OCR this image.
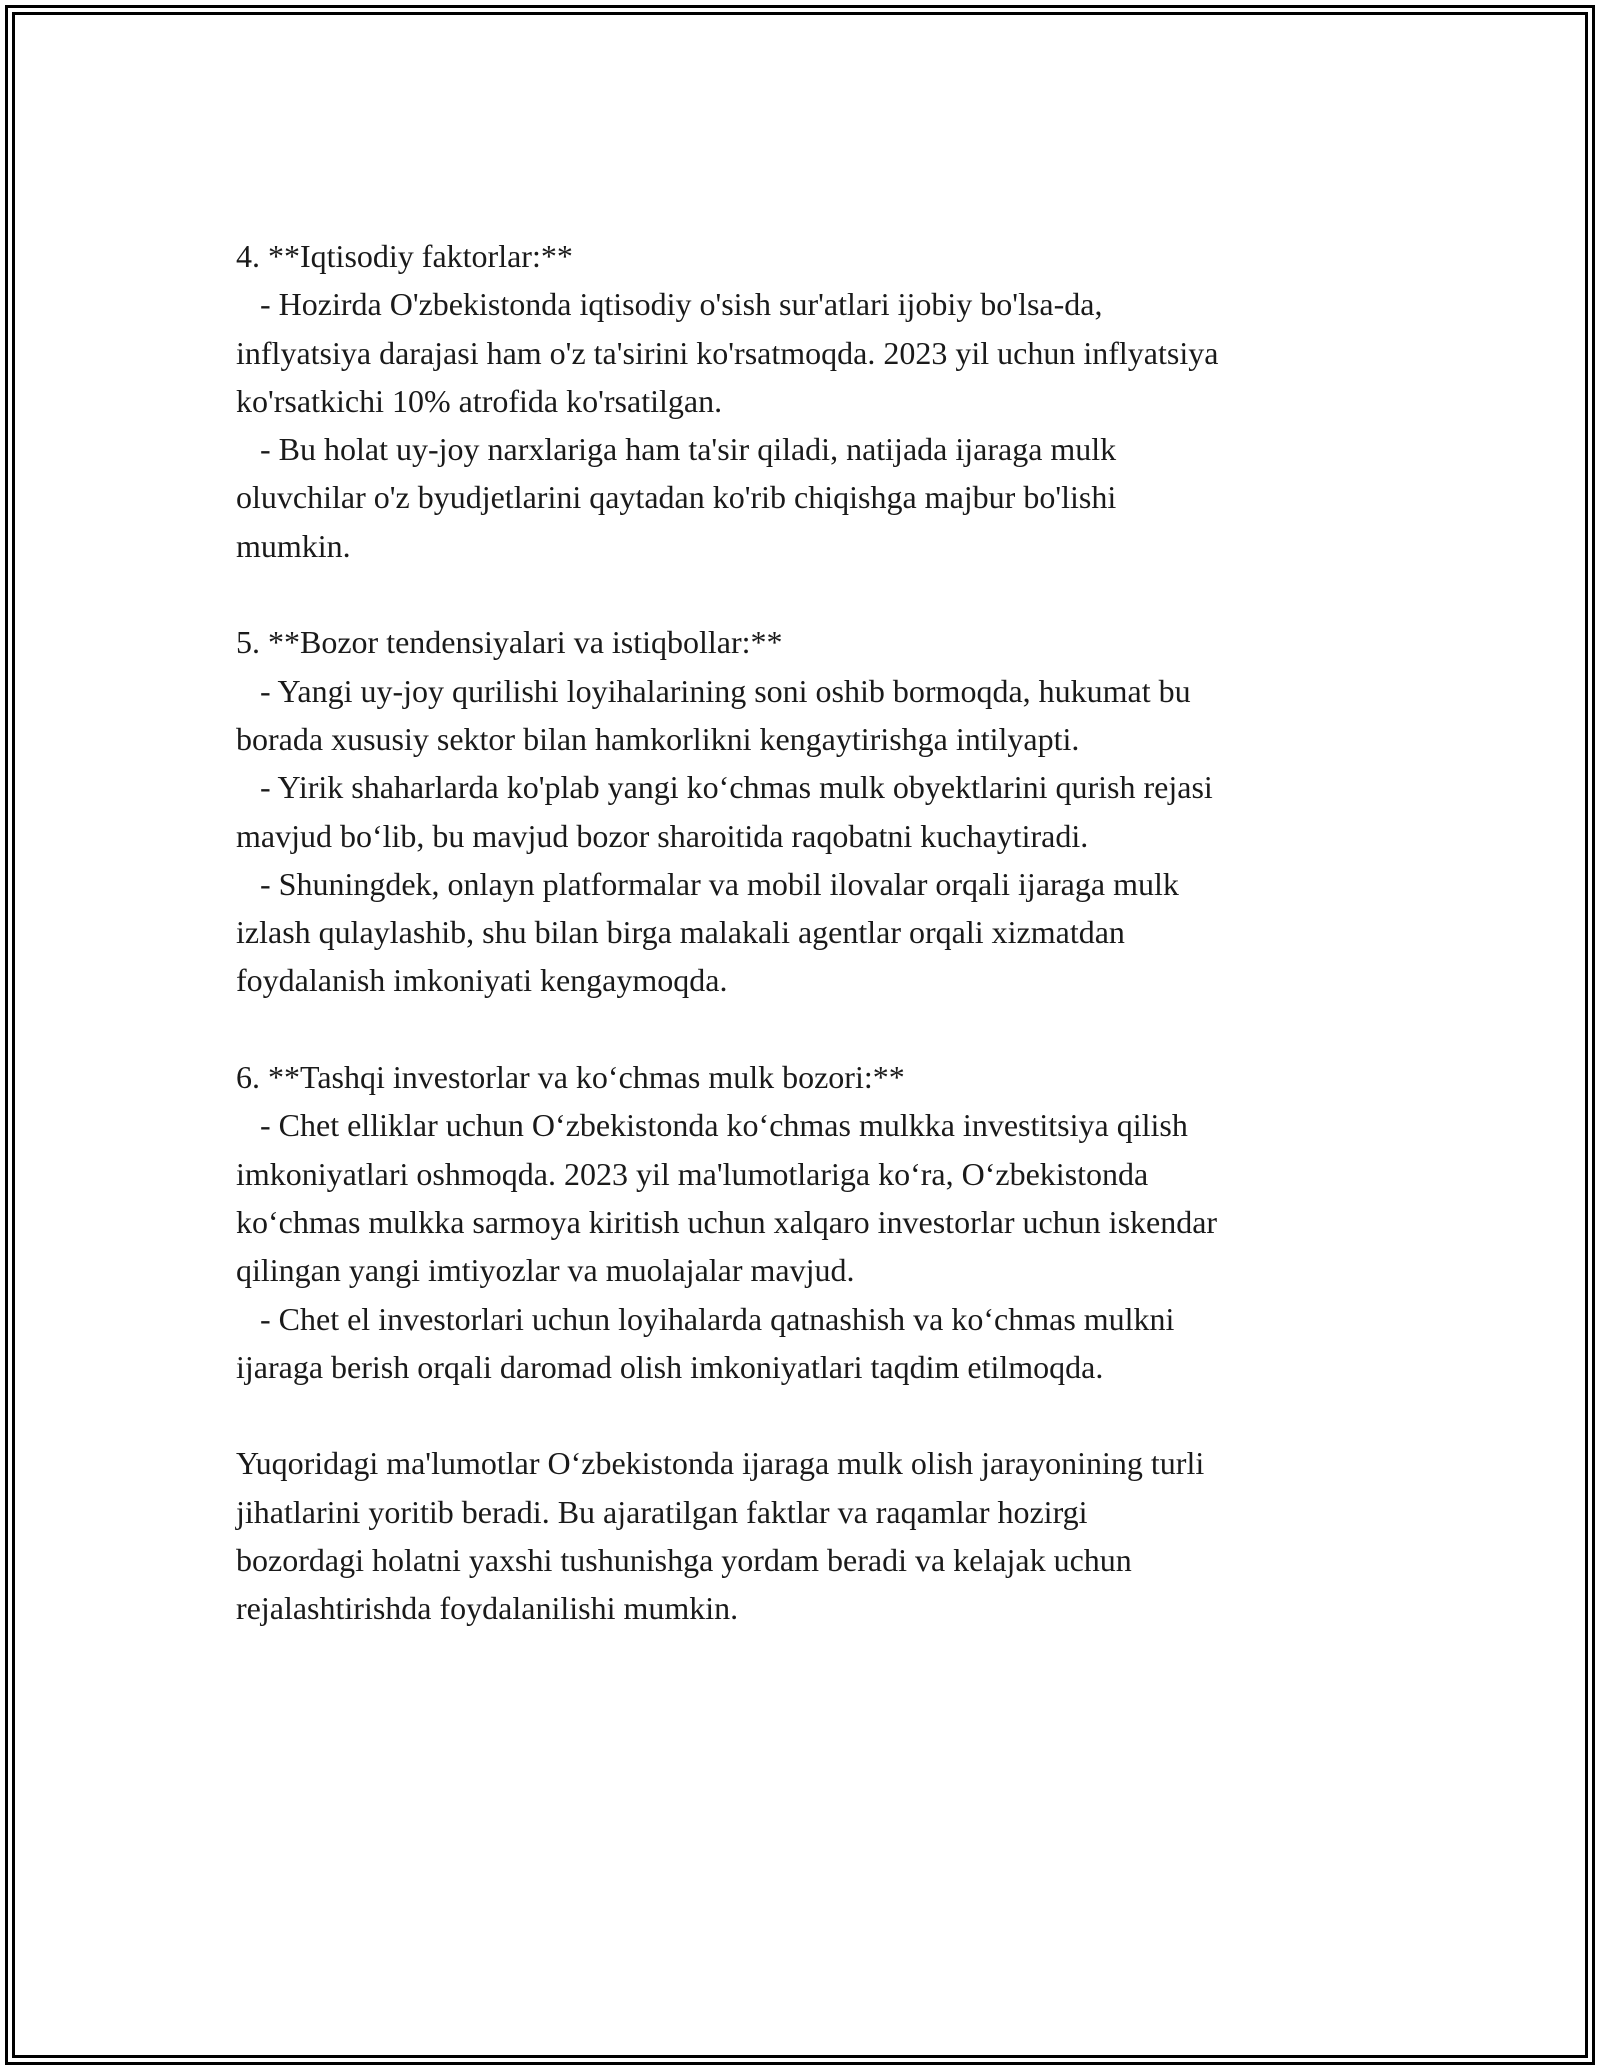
4. **Iqtisodiy faktorlar:**
- Hozirda O'zbekistonda iqtisodiy o'sish sur'atlari ijobiy bo'lsa-da,
inflyatsiya darajasi ham o'z ta'sirini ko'rsatmoqda. 2023 yil uchun inflyatsiya
ko'rsatkichi 10% atrofida ko'rsatilgan.
- Bu holat uy-joy narxlariga ham ta'sir qiladi, natijada ijaraga mulk
oluvchilar o'z byudjetlarini qaytadan ko'rib chiqishga majbur bo'lishi
mumkin.
5. **Bozor tendensiyalari va istiqbollar:**
- Yangi uy-joy qurilishi loyihalarining soni oshib bormoqda, hukumat bu
borada xususiy sektor bilan hamkorlikni kengaytirishga intilyapti.
- Yirik shaharlarda ko'plab yangi koʻchmas mulk obyektlarini qurish rejasi
mavjud boʻlib, bu mavjud bozor sharoitida raqobatni kuchaytiradi.
- Shuningdek, onlayn platformalar va mobil ilovalar orqali ijaraga mulk
izlash qulaylashib, shu bilan birga malakali agentlar orqali xizmatdan
foydalanish imkoniyati kengaymoqda.
6. **Tashqi investorlar va koʻchmas mulk bozori:**
- Chet elliklar uchun Oʻzbekistonda koʻchmas mulkka investitsiya qilish
imkoniyatlari oshmoqda. 2023 yil ma'lumotlariga koʻra, Oʻzbekistonda
koʻchmas mulkka sarmoya kiritish uchun xalqaro investorlar uchun iskendar
qilingan yangi imtiyozlar va muolajalar mavjud.
- Chet el investorlari uchun loyihalarda qatnashish va koʻchmas mulkni
ijaraga berish orqali daromad olish imkoniyatlari taqdim etilmoqda.
Yuqoridagi ma'lumotlar Oʻzbekistonda ijaraga mulk olish jarayonining turli
jihatlarini yoritib beradi. Bu ajaratilgan faktlar va raqamlar hozirgi
bozordagi holatni yaxshi tushunishga yordam beradi va kelajak uchun
rejalashtirishda foydalanilishi mumkin.
